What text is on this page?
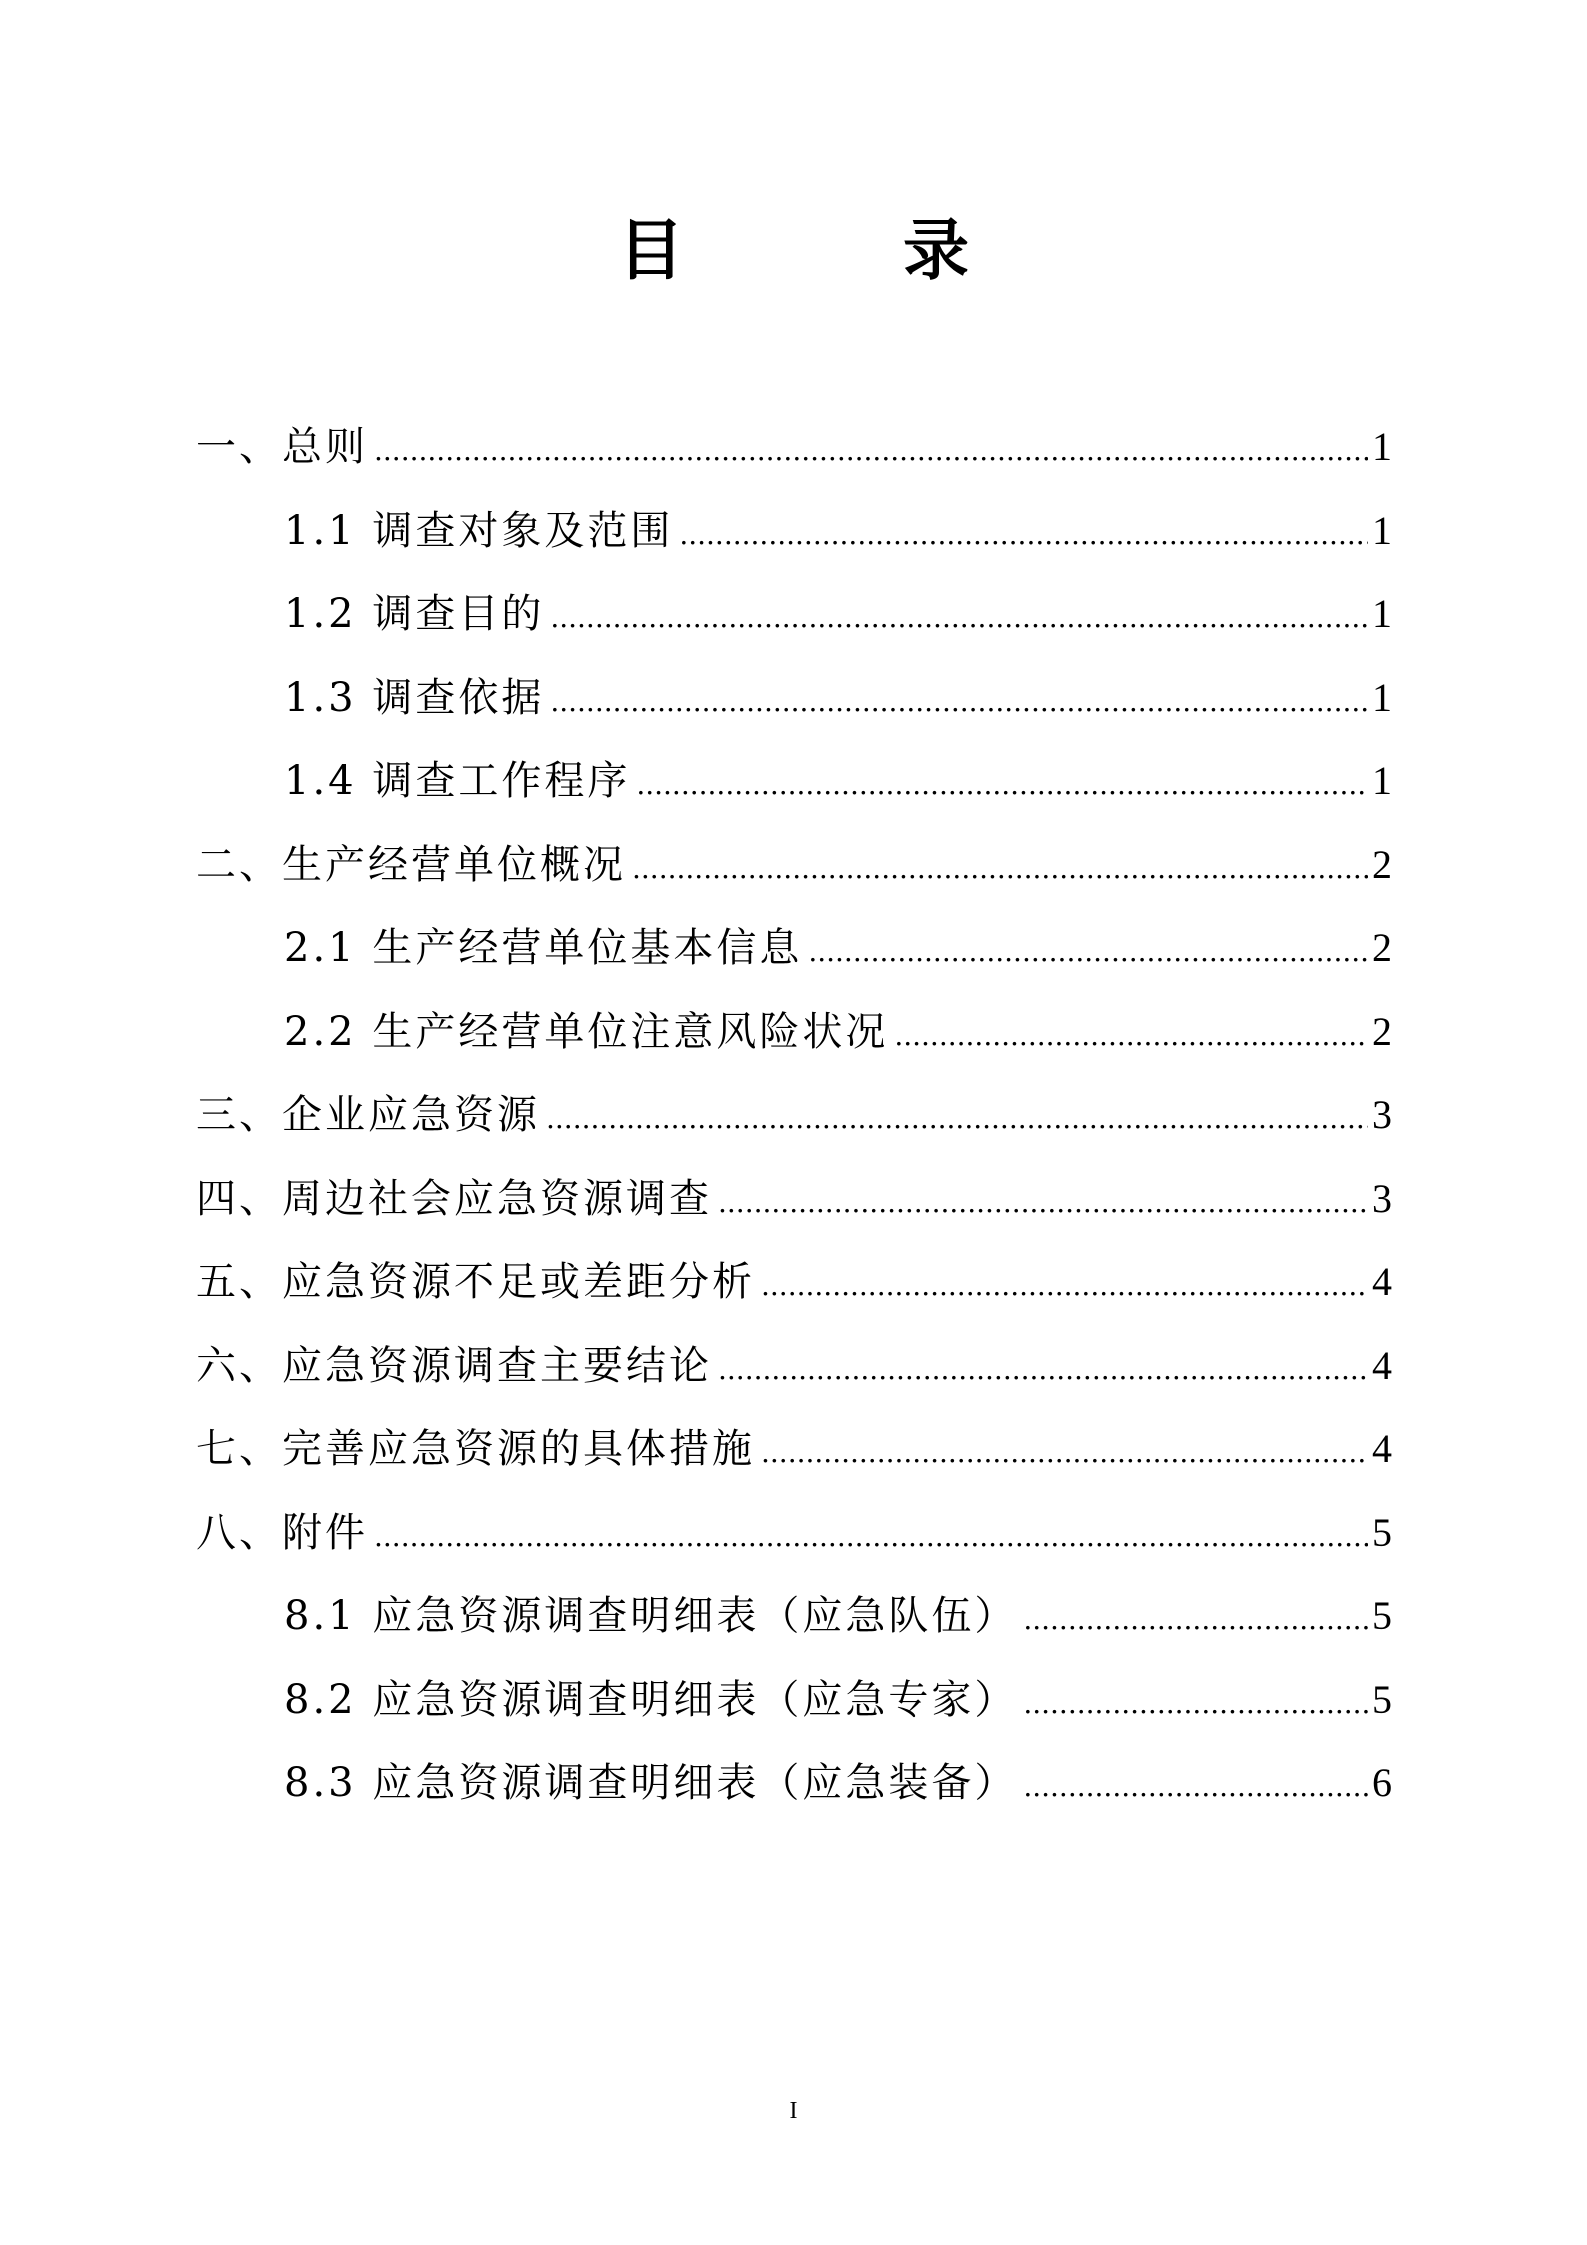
目 录
一、总则 .....	1
1.1 调查对象及范围 .....	1
1.2 调查目的 .....	1
1.3 调查依据 .....	1
1.4 调查工作程序 .....	1
二、生产经营单位概况 .....	2
2.1 生产经营单位基本信息 .....	2
2.2 生产经营单位注意风险状况 .....	2
三、企业应急资源 .....	3
四、周边社会应急资源调查 .....	3
五、应急资源不足或差距分析 .....	4
六、应急资源调查主要结论 .....	4
七、完善应急资源的具体措施 .....	4
八、附件 .....	5
8.1 应急资源调查明细表（应急队伍） .....	5
8.2 应急资源调查明细表（应急专家） .....	5
8.3 应急资源调查明细表（应急装备） .....	6
I
